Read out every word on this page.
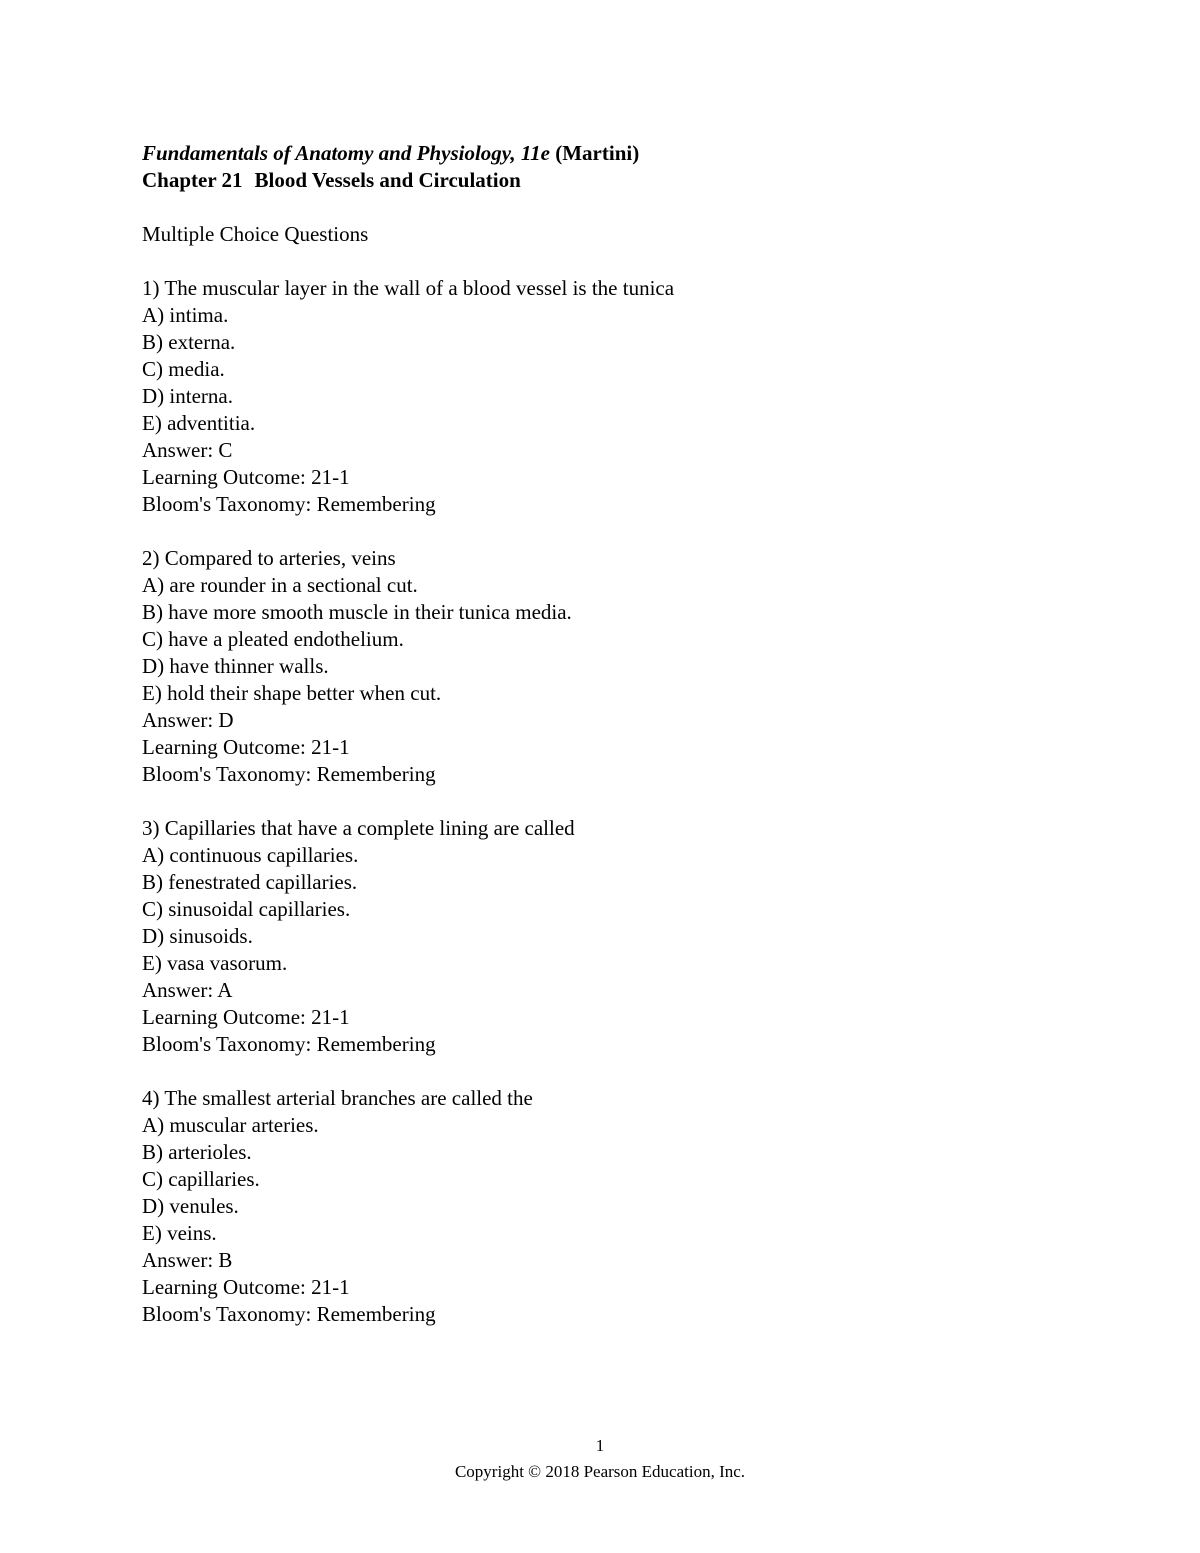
Fundamentals of Anatomy and Physiology, 11e (Martini)

Chapter 21 Blood Vessels and Circulation

Multiple Choice Questions

1) The muscular layer in the wall of a blood vessel is the tunica

A) intima.

B) externa.

C) media.

D) interna.

E) adventitia.

Answer: C

Learning Outcome: 21-1

Bloom's Taxonomy: Remembering

2) Compared to arteries, veins

A) are rounder in a sectional cut.

B) have more smooth muscle in their tunica media.

C) have a pleated endothelium.

D) have thinner walls.

E) hold their shape better when cut.

Answer: D

Learning Outcome: 21-1

Bloom's Taxonomy: Remembering

3) Capillaries that have a complete lining are called

A) continuous capillaries.

B) fenestrated capillaries.

C) sinusoidal capillaries.

D) sinusoids.

E) vasa vasorum.

Answer: A

Learning Outcome: 21-1

Bloom's Taxonomy: Remembering

4) The smallest arterial branches are called the

A) muscular arteries.

B) arterioles.

C) capillaries.

D) venules.

E) veins.

Answer: B

Learning Outcome: 21-1

Bloom's Taxonomy: Remembering

1
Copyright © 2018 Pearson Education, Inc.
